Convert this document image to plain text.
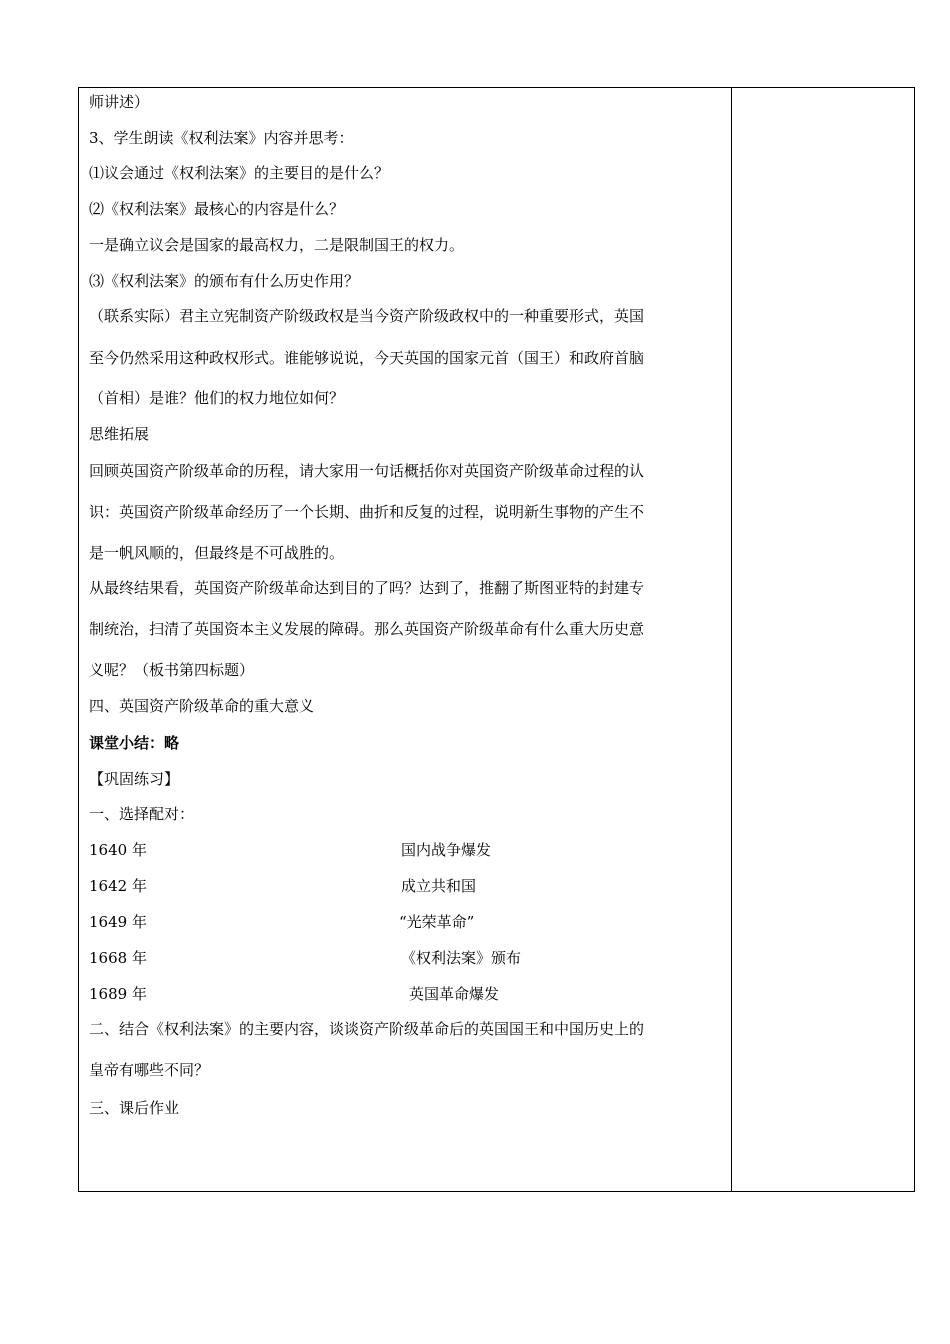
师讲述）
3、学生朗读《权利法案》内容并思考：
⑴议会通过《权利法案》的主要目的是什么？
⑵《权利法案》最核心的内容是什么？
一是确立议会是国家的最高权力，二是限制国王的权力。
⑶《权利法案》的颁布有什么历史作用？
（联系实际）君主立宪制资产阶级政权是当今资产阶级政权中的一种重要形式，英国
至今仍然采用这种政权形式。谁能够说说，今天英国的国家元首（国王）和政府首脑
（首相）是谁？他们的权力地位如何？
思维拓展
回顾英国资产阶级革命的历程，请大家用一句话概括你对英国资产阶级革命过程的认
识：英国资产阶级革命经历了一个长期、曲折和反复的过程，说明新生事物的产生不
是一帆风顺的，但最终是不可战胜的。
从最终结果看，英国资产阶级革命达到目的了吗？达到了，推翻了斯图亚特的封建专
制统治，扫清了英国资本主义发展的障碍。那么英国资产阶级革命有什么重大历史意
义呢？（板书第四标题）
四、英国资产阶级革命的重大意义
课堂小结：略
【巩固练习】
一、选择配对：
1640 年	国内战争爆发
1642 年	成立共和国
1649 年	“光荣革命”
1668 年	《权利法案》颁布
1689 年	英国革命爆发
二、结合《权利法案》的主要内容，谈谈资产阶级革命后的英国国王和中国历史上的
皇帝有哪些不同？
三、课后作业
